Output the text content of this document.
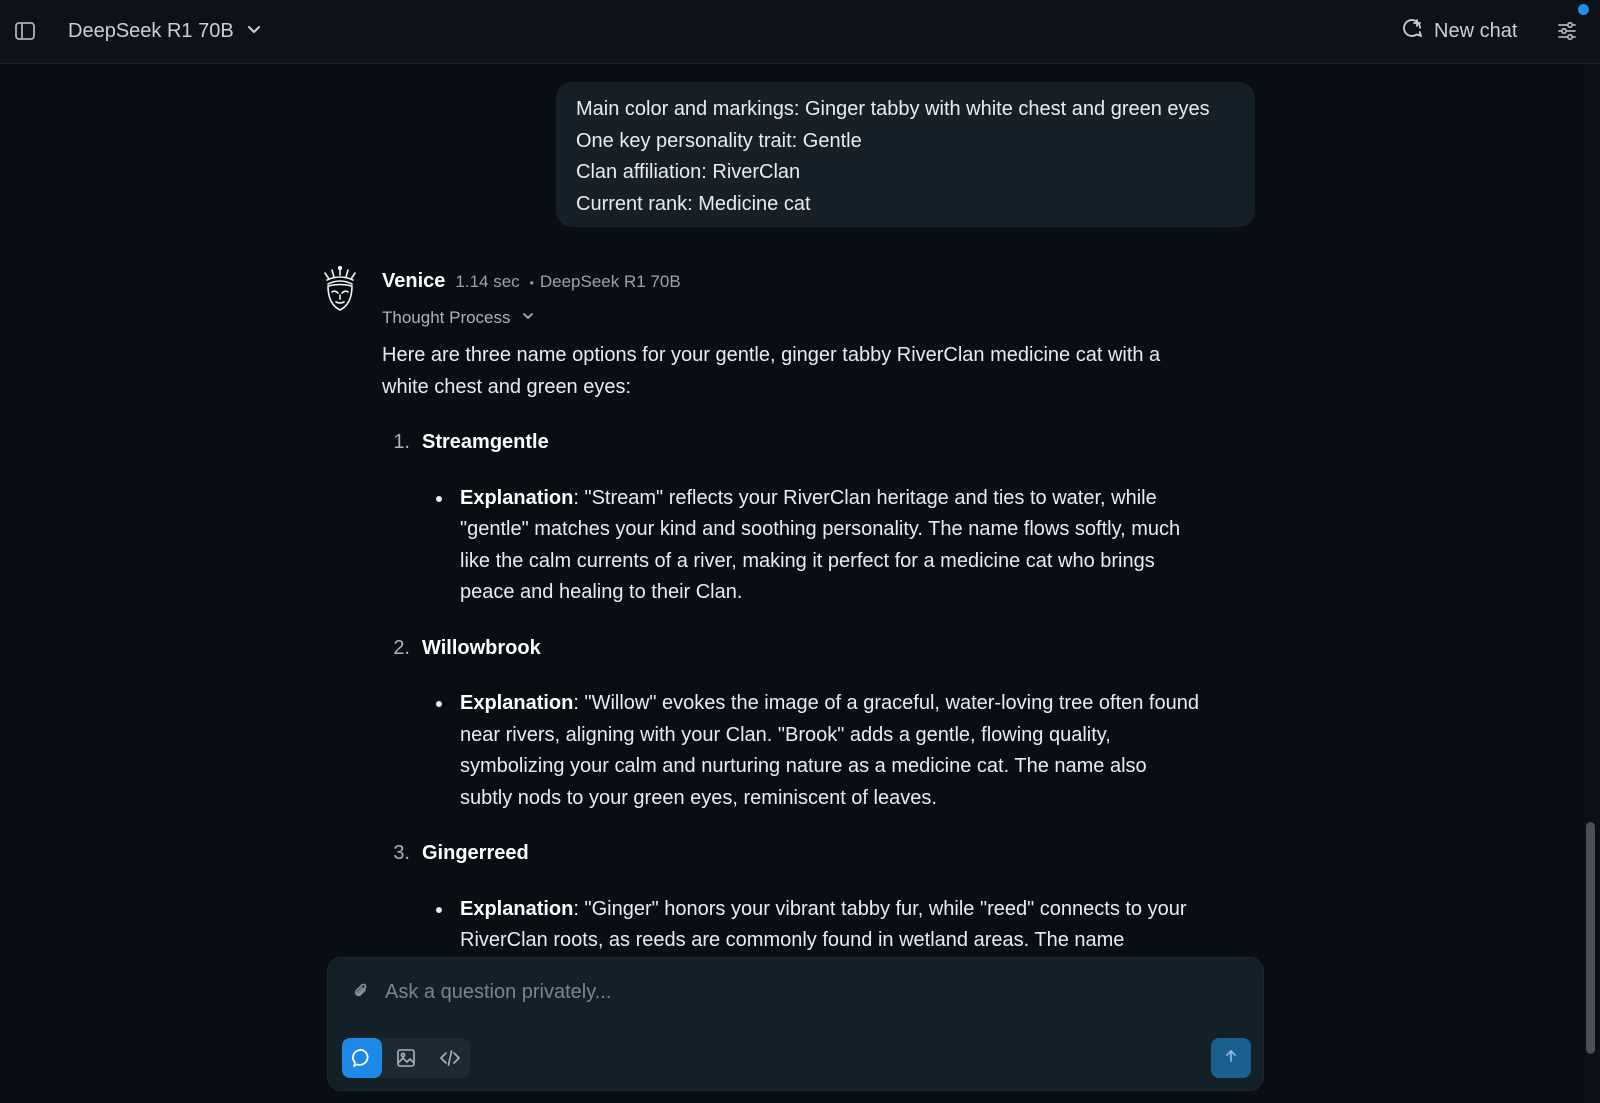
DeepSeek R1 70B	New chat
Main color and markings: Ginger tabby with white chest and green eyes
One key personality trait: Gentle
Clan affiliation: RiverClan
Current rank: Medicine cat
Venice 1.14 sec • DeepSeek R1 70B
Thought Process

Here are three name options for your gentle, ginger tabby RiverClan medicine cat with a white chest and green eyes:

1. Streamgentle
Explanation: "Stream" reflects your RiverClan heritage and ties to water, while "gentle" matches your kind and soothing personality. The name flows softly, much like the calm currents of a river, making it perfect for a medicine cat who brings peace and healing to their Clan.
2. Willowbrook
Explanation: "Willow" evokes the image of a graceful, water-loving tree often found near rivers, aligning with your Clan. "Brook" adds a gentle, flowing quality, symbolizing your calm and nurturing nature as a medicine cat. The name also subtly nods to your green eyes, reminiscent of leaves.
3. Gingerreed
Explanation: "Ginger" honors your vibrant tabby fur, while "reed" connects to your RiverClan roots, as reeds are commonly found in wetland areas. The name
Ask a question privately...
